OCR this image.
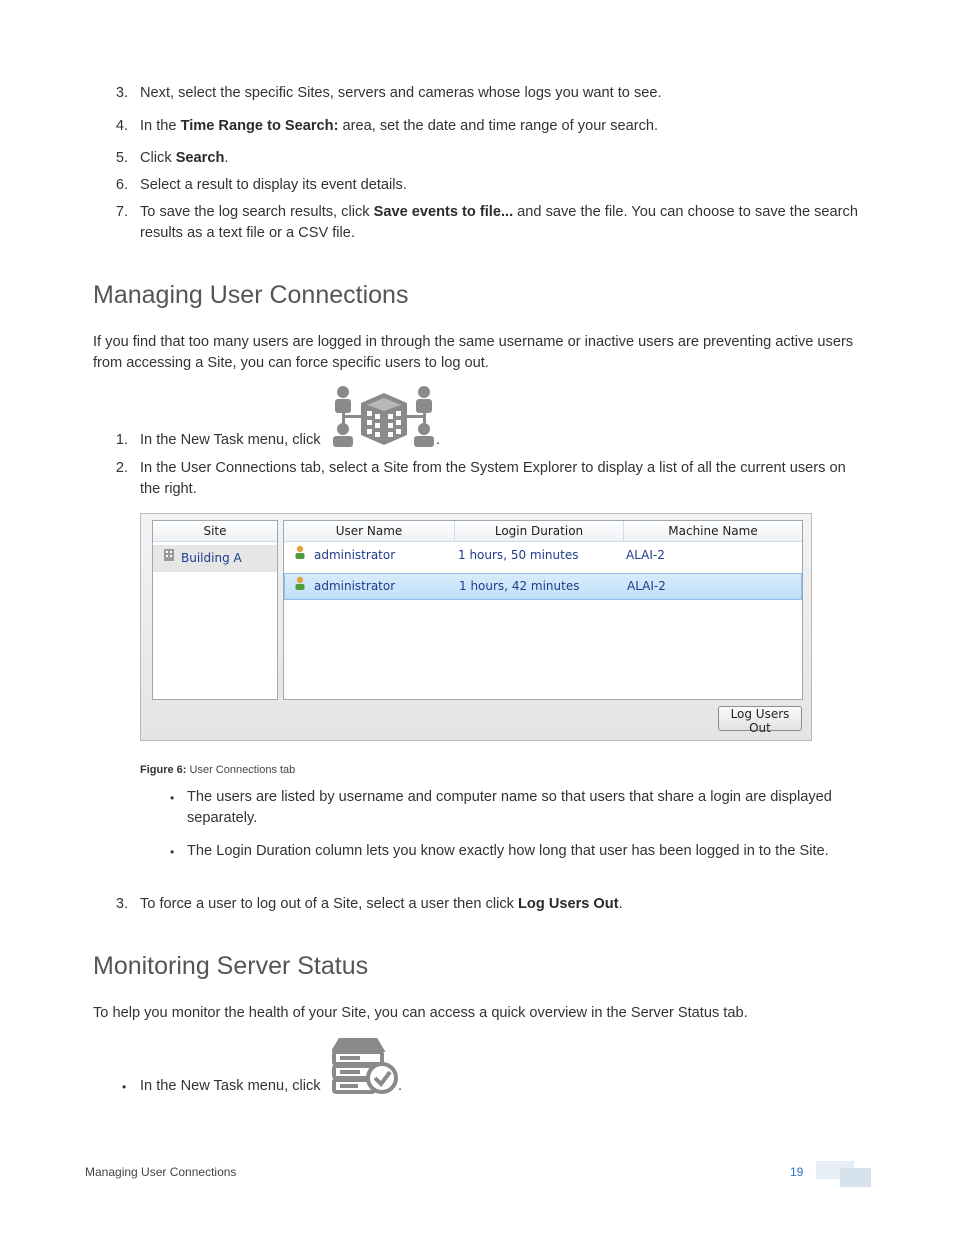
3. Next, select the specific Sites, servers and cameras whose logs you want to see.
4. In the Time Range to Search: area, set the date and time range of your search.
5. Click Search.
6. Select a result to display its event details.
7. To save the log search results, click Save events to file... and save the file. You can choose to save the search results as a text file or a CSV file.
Managing User Connections
If you find that too many users are logged in through the same username or inactive users are preventing active users from accessing a Site, you can force specific users to log out.
1. In the New Task menu, click	.
2. In the User Connections tab, select a Site from the System Explorer to display a list of all the current users on the right.
Site
Building A
User Name	Login Duration	Machine Name
administrator	1 hours, 50 minutes	ALAI-2
administrator	1 hours, 42 minutes	ALAI-2
Log Users Out
Figure 6: User Connections tab
• The users are listed by username and computer name so that users that share a login are displayed separately.
• The Login Duration column lets you know exactly how long that user has been logged in to the Site.
3. To force a user to log out of a Site, select a user then click Log Users Out.
Monitoring Server Status
To help you monitor the health of your Site, you can access a quick overview in the Server Status tab.
• In the New Task menu, click	.
Managing User Connections	19
